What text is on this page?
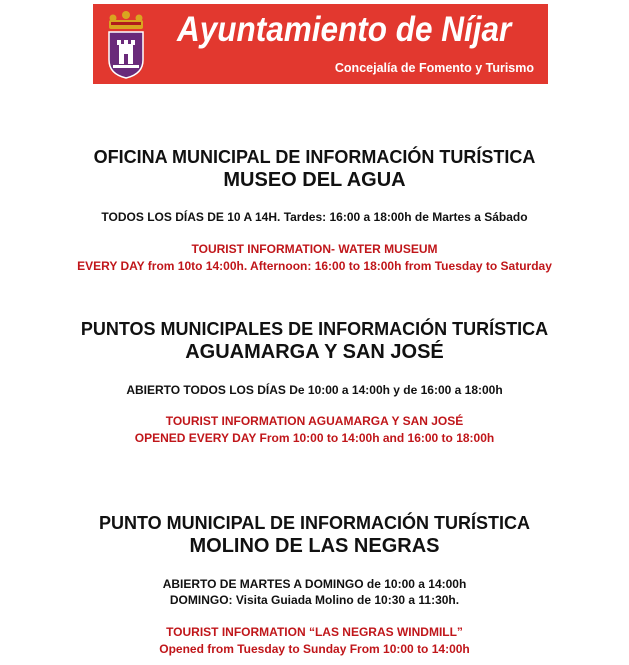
Ayuntamiento de Níjar
Concejalía de Fomento y Turismo
OFICINA MUNICIPAL DE INFORMACIÓN TURÍSTICA
MUSEO DEL AGUA
TODOS LOS DÍAS DE 10 A 14H. Tardes: 16:00 a 18:00h de Martes a Sábado
TOURIST INFORMATION- WATER MUSEUM
EVERY DAY from 10to 14:00h. Afternoon: 16:00 to 18:00h from Tuesday to Saturday
PUNTOS MUNICIPALES DE INFORMACIÓN TURÍSTICA
AGUAMARGA Y SAN JOSÉ
ABIERTO TODOS LOS DÍAS De 10:00 a 14:00h y de 16:00 a 18:00h
TOURIST INFORMATION AGUAMARGA Y SAN JOSÉ
OPENED EVERY DAY From 10:00 to 14:00h and 16:00 to 18:00h
PUNTO MUNICIPAL DE INFORMACIÓN TURÍSTICA
MOLINO DE LAS NEGRAS
ABIERTO DE MARTES A DOMINGO de 10:00 a 14:00h
DOMINGO: Visita Guiada Molino de 10:30 a 11:30h.
TOURIST INFORMATION “LAS NEGRAS WINDMILL”
Opened from Tuesday to Sunday From 10:00 to 14:00h
